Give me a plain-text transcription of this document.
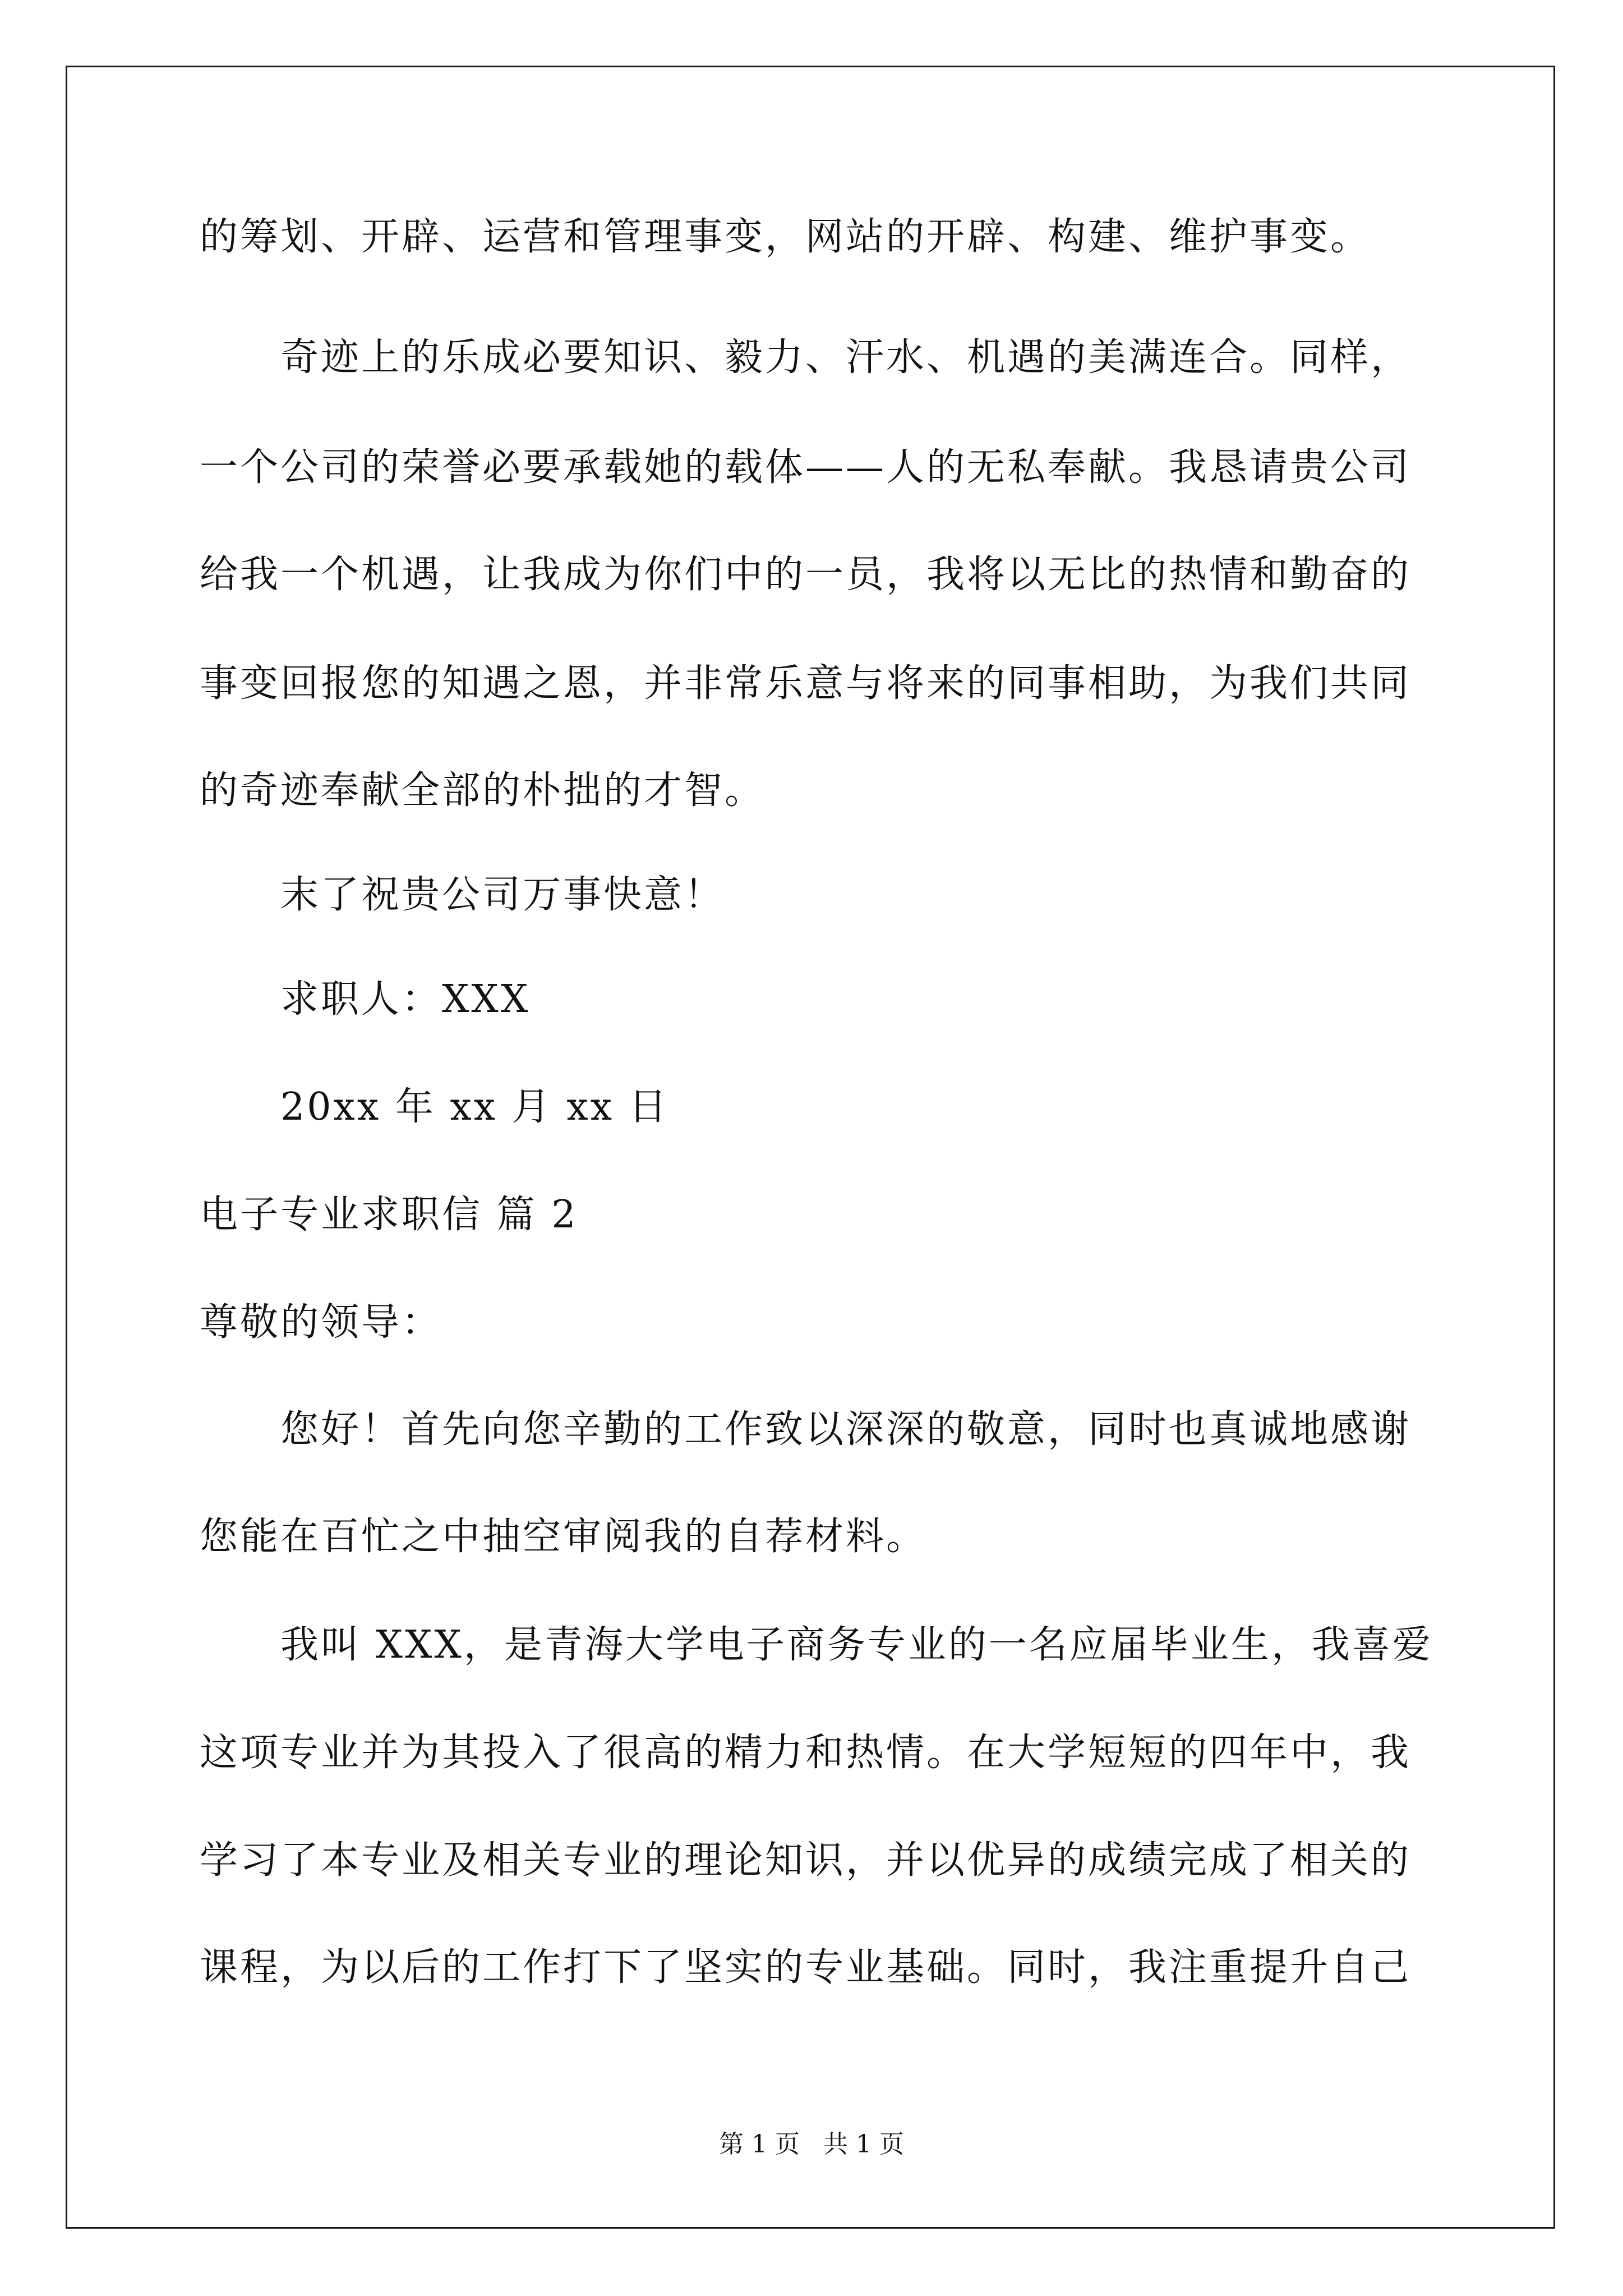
的筹划、开辟、运营和管理事变，网站的开辟、构建、维护事变。
奇迹上的乐成必要知识、毅力、汗水、机遇的美满连合。同样，
一个公司的荣誉必要承载她的载体——人的无私奉献。我恳请贵公司
给我一个机遇，让我成为你们中的一员，我将以无比的热情和勤奋的
事变回报您的知遇之恩，并非常乐意与将来的同事相助，为我们共同
的奇迹奉献全部的朴拙的才智。
末了祝贵公司万事快意！
求职人：XXX
20xx 年 xx 月 xx 日
电子专业求职信 篇 2
尊敬的领导：
您好！首先向您辛勤的工作致以深深的敬意，同时也真诚地感谢
您能在百忙之中抽空审阅我的自荐材料。
我叫 XXX，是青海大学电子商务专业的一名应届毕业生，我喜爱
这项专业并为其投入了很高的精力和热情。在大学短短的四年中，我
学习了本专业及相关专业的理论知识，并以优异的成绩完成了相关的
课程，为以后的工作打下了坚实的专业基础。同时，我注重提升自己
第 1 页   共 1 页
